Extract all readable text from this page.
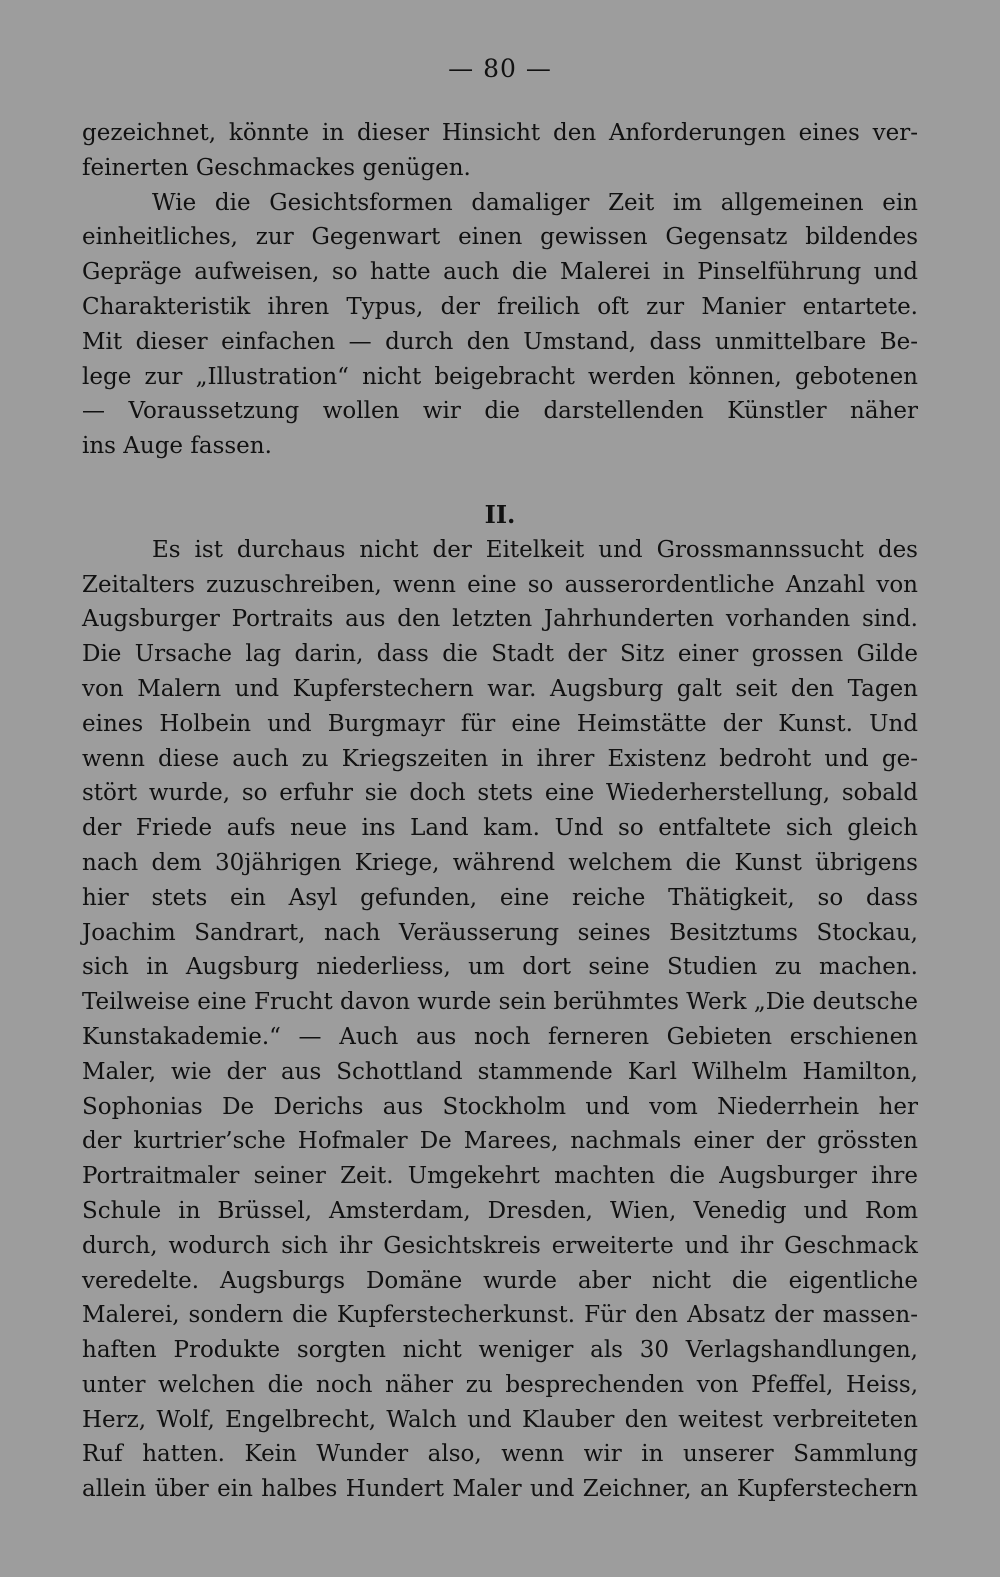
— 80 —
gezeichnet, könnte in dieser Hinsicht den Anforderungen eines ver-
feinerten Geschmackes genügen.
Wie die Gesichtsformen damaliger Zeit im allgemeinen ein
einheitliches, zur Gegenwart einen gewissen Gegensatz bildendes
Gepräge aufweisen, so hatte auch die Malerei in Pinselführung und
Charakteristik ihren Typus, der freilich oft zur Manier entartete.
Mit dieser einfachen — durch den Umstand, dass unmittelbare Be-
lege zur „Illustration“ nicht beigebracht werden können, gebotenen
— Voraussetzung wollen wir die darstellenden Künstler näher
ins Auge fassen.
II.
Es ist durchaus nicht der Eitelkeit und Grossmannssucht des
Zeitalters zuzuschreiben, wenn eine so ausserordentliche Anzahl von
Augsburger Portraits aus den letzten Jahrhunderten vorhanden sind.
Die Ursache lag darin, dass die Stadt der Sitz einer grossen Gilde
von Malern und Kupferstechern war. Augsburg galt seit den Tagen
eines Holbein und Burgmayr für eine Heimstätte der Kunst. Und
wenn diese auch zu Kriegszeiten in ihrer Existenz bedroht und ge-
stört wurde, so erfuhr sie doch stets eine Wiederherstellung, sobald
der Friede aufs neue ins Land kam. Und so entfaltete sich gleich
nach dem 30jährigen Kriege, während welchem die Kunst übrigens
hier stets ein Asyl gefunden, eine reiche Thätigkeit, so dass
Joachim Sandrart, nach Veräusserung seines Besitztums Stockau,
sich in Augsburg niederliess, um dort seine Studien zu machen.
Teilweise eine Frucht davon wurde sein berühmtes Werk „Die deutsche
Kunstakademie.“ — Auch aus noch ferneren Gebieten erschienen
Maler, wie der aus Schottland stammende Karl Wilhelm Hamilton,
Sophonias De Derichs aus Stockholm und vom Niederrhein her
der kurtrier’sche Hofmaler De Marees, nachmals einer der grössten
Portraitmaler seiner Zeit. Umgekehrt machten die Augsburger ihre
Schule in Brüssel, Amsterdam, Dresden, Wien, Venedig und Rom
durch, wodurch sich ihr Gesichtskreis erweiterte und ihr Geschmack
veredelte. Augsburgs Domäne wurde aber nicht die eigentliche
Malerei, sondern die Kupferstecherkunst. Für den Absatz der massen-
haften Produkte sorgten nicht weniger als 30 Verlagshandlungen,
unter welchen die noch näher zu besprechenden von Pfeffel, Heiss,
Herz, Wolf, Engelbrecht, Walch und Klauber den weitest verbreiteten
Ruf hatten. Kein Wunder also, wenn wir in unserer Sammlung
allein über ein halbes Hundert Maler und Zeichner, an Kupferstechern
